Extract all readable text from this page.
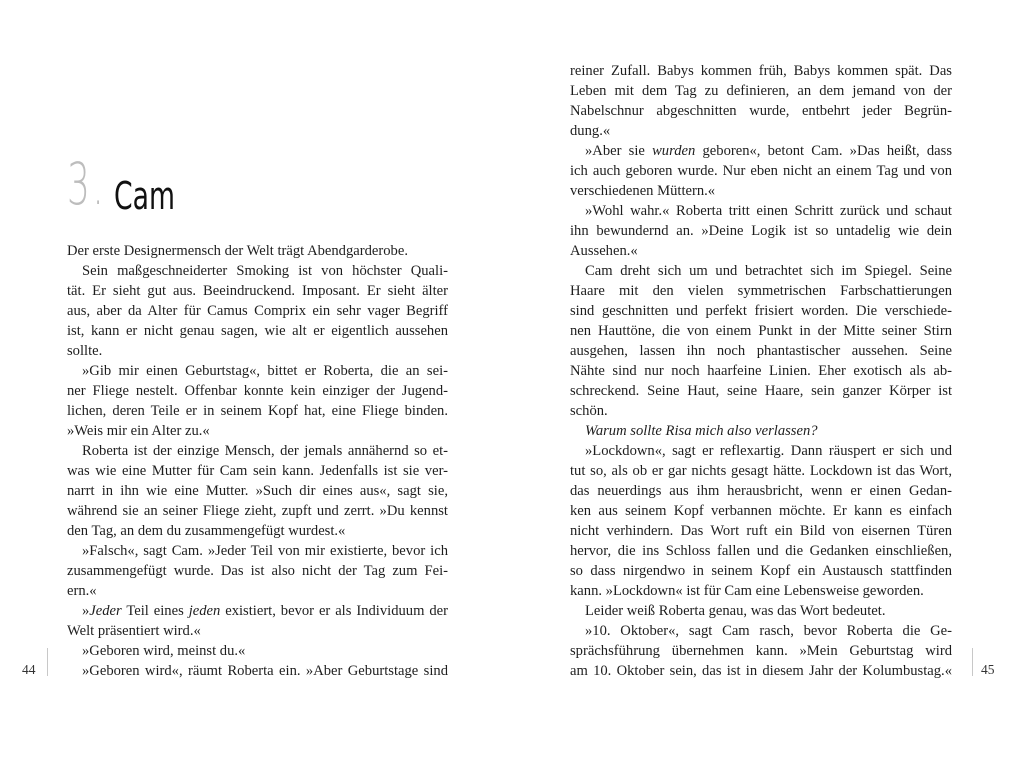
3. Cam
Der erste Designermensch der Welt trägt Abendgarderobe.
Sein maßgeschneiderter Smoking ist von höchster Quali-
tät. Er sieht gut aus. Beeindruckend. Imposant. Er sieht älter
aus, aber da Alter für Camus Comprix ein sehr vager Begriff
ist, kann er nicht genau sagen, wie alt er eigentlich aussehen
sollte.
»Gib mir einen Geburtstag«, bittet er Roberta, die an sei-
ner Fliege nestelt. Offenbar konnte kein einziger der Jugend-
lichen, deren Teile er in seinem Kopf hat, eine Fliege binden.
»Weis mir ein Alter zu.«
Roberta ist der einzige Mensch, der jemals annähernd so et-
was wie eine Mutter für Cam sein kann. Jedenfalls ist sie ver-
narrt in ihn wie eine Mutter. »Such dir eines aus«, sagt sie,
während sie an seiner Fliege zieht, zupft und zerrt. »Du kennst
den Tag, an dem du zusammengefügt wurdest.«
»Falsch«, sagt Cam. »Jeder Teil von mir existierte, bevor ich
zusammengefügt wurde. Das ist also nicht der Tag zum Fei-
ern.«
»Jeder Teil eines jeden existiert, bevor er als Individuum der
Welt präsentiert wird.«
»Geboren wird, meinst du.«
»Geboren wird«, räumt Roberta ein. »Aber Geburtstage sind
44
reiner Zufall. Babys kommen früh, Babys kommen spät. Das
Leben mit dem Tag zu definieren, an dem jemand von der
Nabelschnur abgeschnitten wurde, entbehrt jeder Begrün-
dung.«
»Aber sie wurden geboren«, betont Cam. »Das heißt, dass
ich auch geboren wurde. Nur eben nicht an einem Tag und von
verschiedenen Müttern.«
»Wohl wahr.« Roberta tritt einen Schritt zurück und schaut
ihn bewundernd an. »Deine Logik ist so untadelig wie dein
Aussehen.«
Cam dreht sich um und betrachtet sich im Spiegel. Seine
Haare mit den vielen symmetrischen Farbschattierungen
sind geschnitten und perfekt frisiert worden. Die verschiede-
nen Hauttöne, die von einem Punkt in der Mitte seiner Stirn
ausgehen, lassen ihn noch phantastischer aussehen. Seine
Nähte sind nur noch haarfeine Linien. Eher exotisch als ab-
schreckend. Seine Haut, seine Haare, sein ganzer Körper ist
schön.
Warum sollte Risa mich also verlassen?
»Lockdown«, sagt er reflexartig. Dann räuspert er sich und
tut so, als ob er gar nichts gesagt hätte. Lockdown ist das Wort,
das neuerdings aus ihm herausbricht, wenn er einen Gedan-
ken aus seinem Kopf verbannen möchte. Er kann es einfach
nicht verhindern. Das Wort ruft ein Bild von eisernen Türen
hervor, die ins Schloss fallen und die Gedanken einschließen,
so dass nirgendwo in seinem Kopf ein Austausch stattfinden
kann. »Lockdown« ist für Cam eine Lebensweise geworden.
Leider weiß Roberta genau, was das Wort bedeutet.
»10. Oktober«, sagt Cam rasch, bevor Roberta die Ge-
sprächsführung übernehmen kann. »Mein Geburtstag wird
am 10. Oktober sein, das ist in diesem Jahr der Kolumbustag.« 45
